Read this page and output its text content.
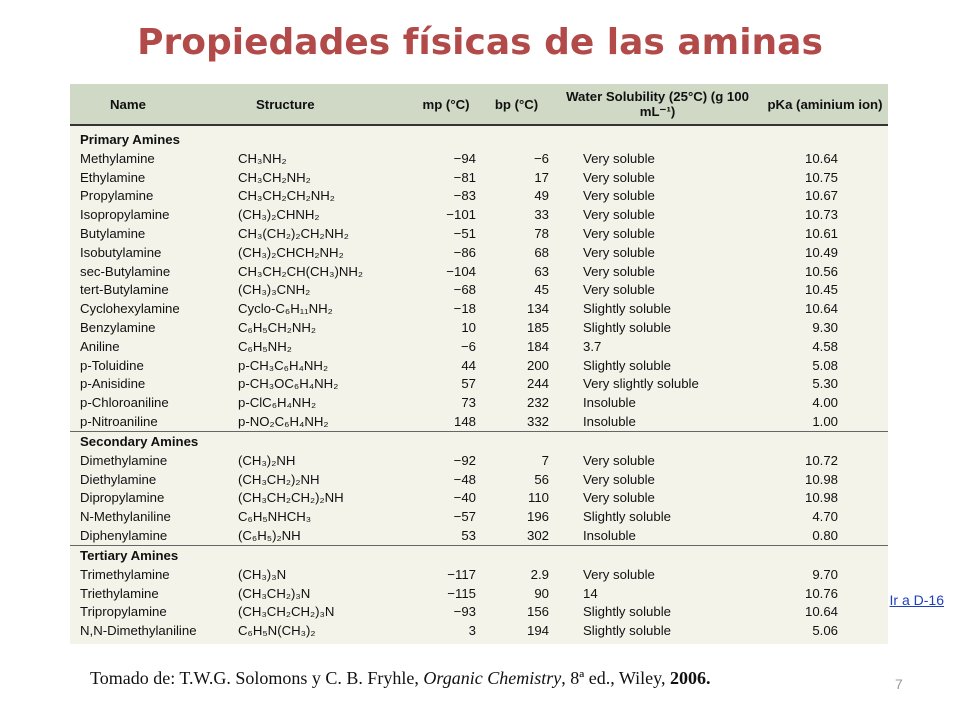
Propiedades físicas de las aminas
Name	Structure	mp (°C)	bp (°C)	Water Solubility (25°C) (g 100 mL⁻¹)	pKa (aminium ion)
Primary Amines					
Methylamine	CH₃NH₂	−94	−6	Very soluble	10.64
Ethylamine	CH₃CH₂NH₂	−81	17	Very soluble	10.75
Propylamine	CH₃CH₂CH₂NH₂	−83	49	Very soluble	10.67
Isopropylamine	(CH₃)₂CHNH₂	−101	33	Very soluble	10.73
Butylamine	CH₃(CH₂)₂CH₂NH₂	−51	78	Very soluble	10.61
Isobutylamine	(CH₃)₂CHCH₂NH₂	−86	68	Very soluble	10.49
sec-Butylamine	CH₃CH₂CH(CH₃)NH₂	−104	63	Very soluble	10.56
tert-Butylamine	(CH₃)₃CNH₂	−68	45	Very soluble	10.45
Cyclohexylamine	Cyclo-C₆H₁₁NH₂	−18	134	Slightly soluble	10.64
Benzylamine	C₆H₅CH₂NH₂	10	185	Slightly soluble	9.30
Aniline	C₆H₅NH₂	−6	184	3.7	4.58
p-Toluidine	p-CH₃C₆H₄NH₂	44	200	Slightly soluble	5.08
p-Anisidine	p-CH₃OC₆H₄NH₂	57	244	Very slightly soluble	5.30
p-Chloroaniline	p-ClC₆H₄NH₂	73	232	Insoluble	4.00
p-Nitroaniline	p-NO₂C₆H₄NH₂	148	332	Insoluble	1.00
Secondary Amines					
Dimethylamine	(CH₃)₂NH	−92	7	Very soluble	10.72
Diethylamine	(CH₃CH₂)₂NH	−48	56	Very soluble	10.98
Dipropylamine	(CH₃CH₂CH₂)₂NH	−40	110	Very soluble	10.98
N-Methylaniline	C₆H₅NHCH₃	−57	196	Slightly soluble	4.70
Diphenylamine	(C₆H₅)₂NH	53	302	Insoluble	0.80
Tertiary Amines					
Trimethylamine	(CH₃)₃N	−117	2.9	Very soluble	9.70
Triethylamine	(CH₃CH₂)₃N	−115	90	14	10.76
Tripropylamine	(CH₃CH₂CH₂)₃N	−93	156	Slightly soluble	10.64
N,N-Dimethylaniline	C₆H₅N(CH₃)₂	3	194	Slightly soluble	5.06
Tomado de: T.W.G. Solomons y C. B. Fryhle, Organic Chemistry, 8ª ed., Wiley, 2006.
Ir a D-16
7
